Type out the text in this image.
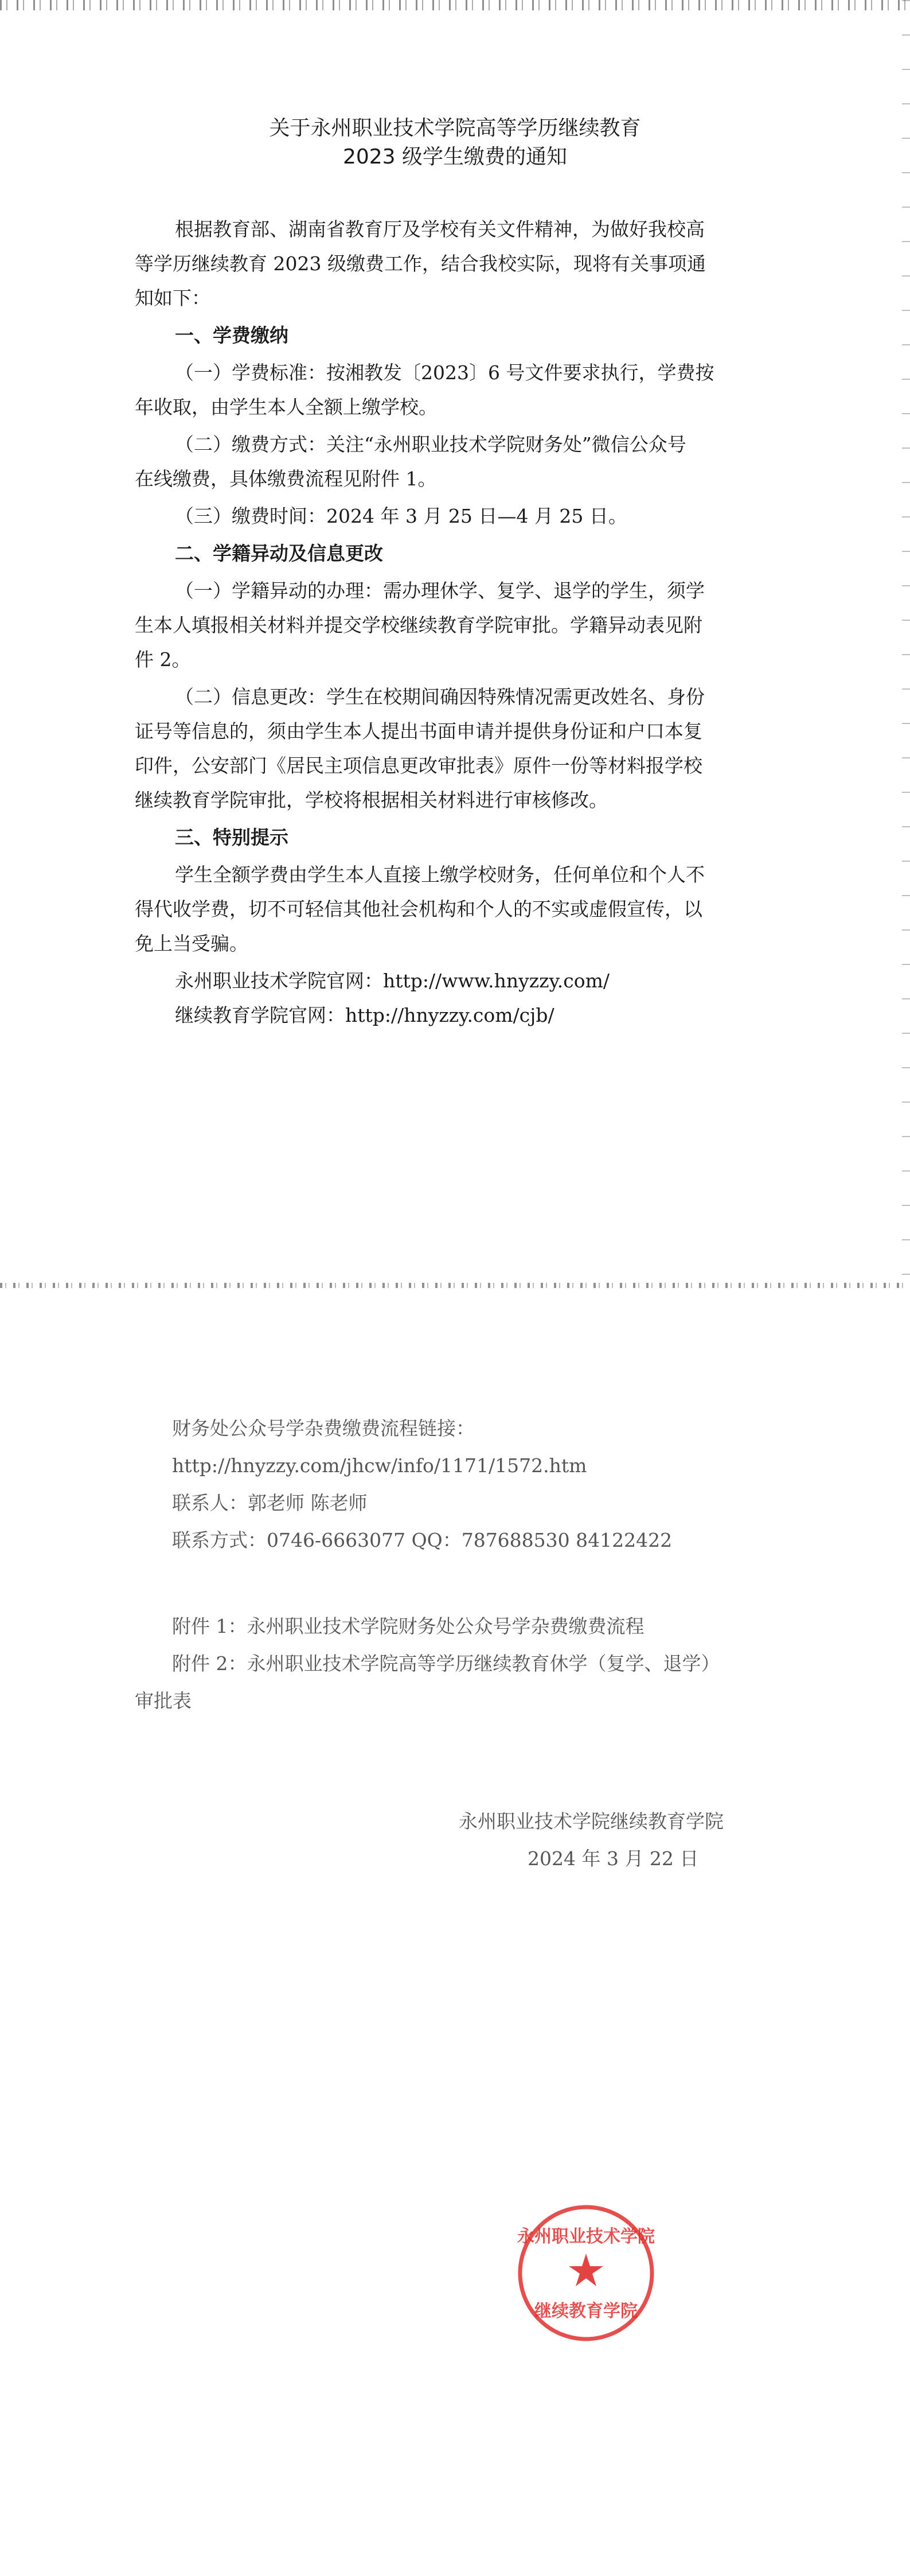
关于永州职业技术学院高等学历继续教育
2023 级学生缴费的通知
根据教育部、湖南省教育厅及学校有关文件精神，为做好我校高
等学历继续教育 2023 级缴费工作，结合我校实际，现将有关事项通
知如下：
一、学费缴纳
（一）学费标准：按湘教发〔2023〕6 号文件要求执行，学费按
年收取，由学生本人全额上缴学校。
（二）缴费方式：关注“永州职业技术学院财务处”微信公众号
在线缴费，具体缴费流程见附件 1。
（三）缴费时间：2024 年 3 月 25 日—4 月 25 日。
二、学籍异动及信息更改
（一）学籍异动的办理：需办理休学、复学、退学的学生，须学
生本人填报相关材料并提交学校继续教育学院审批。学籍异动表见附
件 2。
（二）信息更改：学生在校期间确因特殊情况需更改姓名、身份
证号等信息的，须由学生本人提出书面申请并提供身份证和户口本复
印件，公安部门《居民主项信息更改审批表》原件一份等材料报学校
继续教育学院审批，学校将根据相关材料进行审核修改。
三、特别提示
学生全额学费由学生本人直接上缴学校财务，任何单位和个人不
得代收学费，切不可轻信其他社会机构和个人的不实或虚假宣传，以
免上当受骗。
永州职业技术学院官网：http://www.hnyzzy.com/
继续教育学院官网：http://hnyzzy.com/cjb/
财务处公众号学杂费缴费流程链接：
http://hnyzzy.com/jhcw/info/1171/1572.htm
联系人：郭老师 陈老师
联系方式：0746-6663077 QQ：787688530 84122422
附件 1：永州职业技术学院财务处公众号学杂费缴费流程
附件 2：永州职业技术学院高等学历继续教育休学（复学、退学）
审批表
永州职业技术学院继续教育学院
2024 年 3 月 22 日
永州职业技术学院
继续教育学院
